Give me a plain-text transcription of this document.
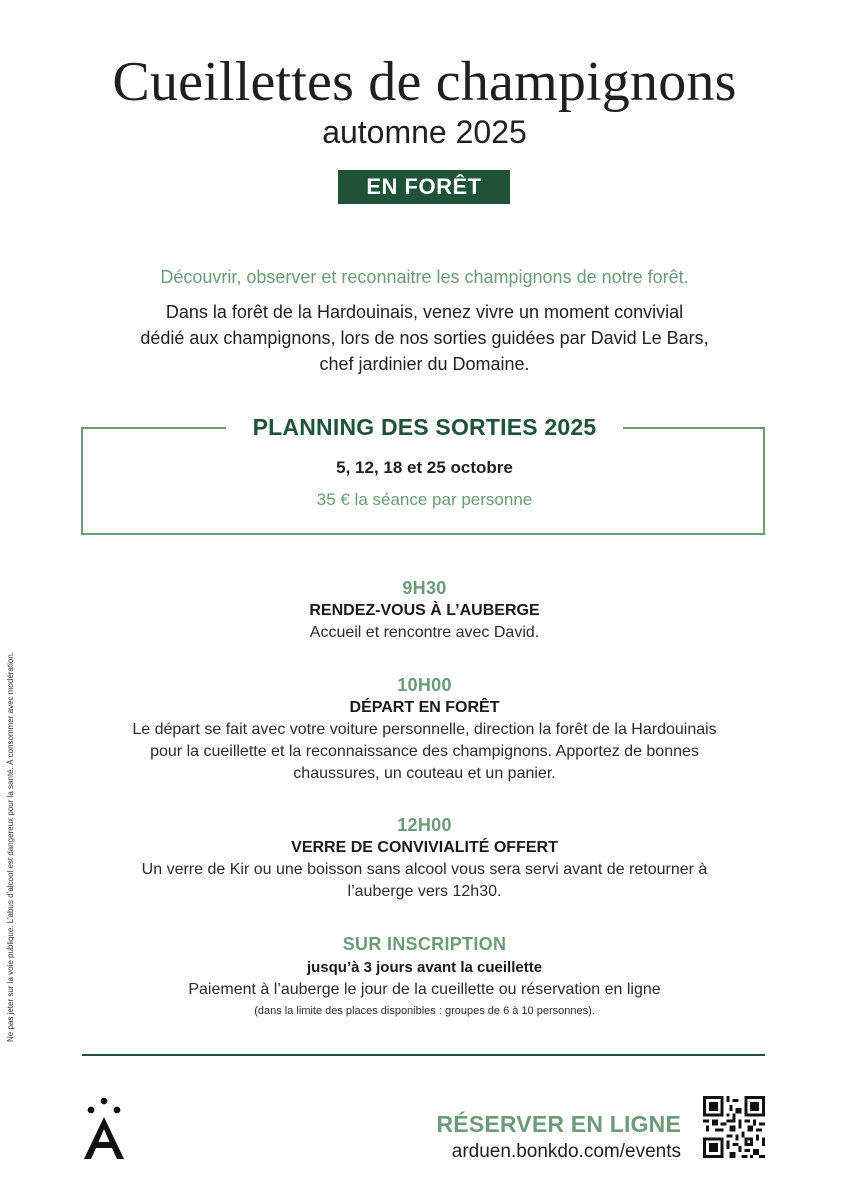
Cueillettes de champignons
automne 2025
EN FORÊT
Découvrir, observer et reconnaitre les champignons de notre forêt.
Dans la forêt de la Hardouinais, venez vivre un moment convivial
dédié aux champignons, lors de nos sorties guidées par David Le Bars,
chef jardinier du Domaine.
PLANNING DES SORTIES 2025
5, 12, 18 et 25 octobre
35 € la séance par personne
9H30
RENDEZ-VOUS À L’AUBERGE
Accueil et rencontre avec David.
10H00
DÉPART EN FORÊT
Le départ se fait avec votre voiture personnelle, direction la forêt de la Hardouinais
pour la cueillette et la reconnaissance des champignons. Apportez de bonnes
chaussures, un couteau et un panier.
12H00
VERRE DE CONVIVIALITÉ OFFERT
Un verre de Kir ou une boisson sans alcool vous sera servi avant de retourner à
l’auberge vers 12h30.
SUR INSCRIPTION
jusqu’à 3 jours avant la cueillette
Paiement à l’auberge le jour de la cueillette ou réservation en ligne
(dans la limite des places disponibles : groupes de 6 à 10 personnes).
Ne pas jeter sur la voie publique. L’abus d’alcool est dangereux pour la santé. À consommer avec modération.
RÉSERVER EN LIGNE
arduen.bonkdo.com/events
